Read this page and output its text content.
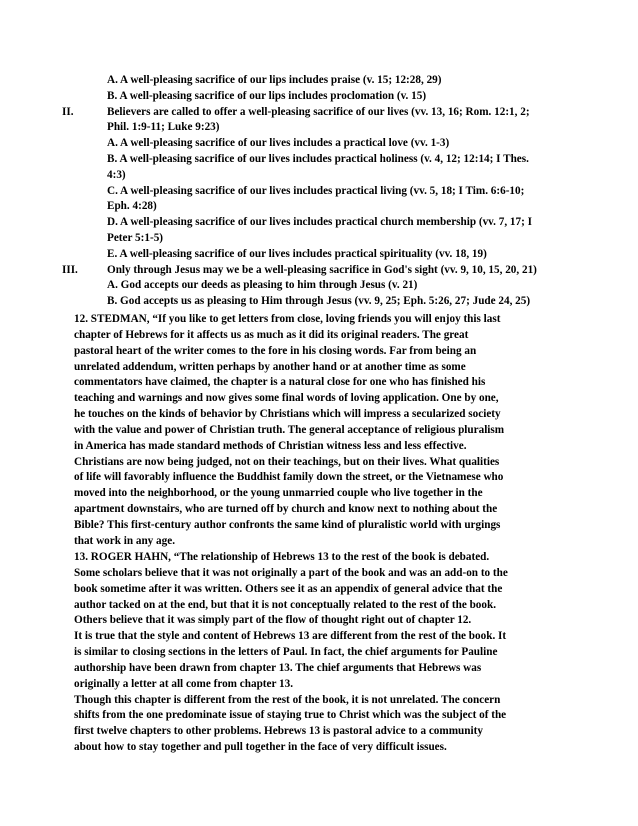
A. A well-pleasing sacrifice of our lips includes praise (v. 15; 12:28, 29)
B. A well-pleasing sacrifice of our lips includes proclomation (v. 15)
II.	Believers are called to offer a well-pleasing sacrifice of our lives (vv. 13, 16; Rom. 12:1, 2;
Phil. 1:9-11; Luke 9:23)
A. A well-pleasing sacrifice of our lives includes a practical love (vv. 1-3)
B. A well-pleasing sacrifice of our lives includes practical holiness (v. 4, 12; 12:14; I Thes.
4:3)
C. A well-pleasing sacrifice of our lives includes practical living (vv. 5, 18; I Tim. 6:6-10;
Eph. 4:28)
D. A well-pleasing sacrifice of our lives includes practical church membership (vv. 7, 17; I
Peter 5:1-5)
E. A well-pleasing sacrifice of our lives includes practical spirituality (vv. 18, 19)
III.	Only through Jesus may we be a well-pleasing sacrifice in God's sight (vv. 9, 10, 15, 20, 21)
A. God accepts our deeds as pleasing to him through Jesus (v. 21)
B. God accepts us as pleasing to Him through Jesus (vv. 9, 25; Eph. 5:26, 27; Jude 24, 25)
12. STEDMAN, “If you like to get letters from close, loving friends you will enjoy this last
chapter of Hebrews for it affects us as much as it did its original readers. The great
pastoral heart of the writer comes to the fore in his closing words. Far from being an
unrelated addendum, written perhaps by another hand or at another time as some
commentators have claimed, the chapter is a natural close for one who has finished his
teaching and warnings and now gives some final words of loving application. One by one,
he touches on the kinds of behavior by Christians which will impress a secularized society
with the value and power of Christian truth. The general acceptance of religious pluralism
in America has made standard methods of Christian witness less and less effective.
Christians are now being judged, not on their teachings, but on their lives. What qualities
of life will favorably influence the Buddhist family down the street, or the Vietnamese who
moved into the neighborhood, or the young unmarried couple who live together in the
apartment downstairs, who are turned off by church and know next to nothing about the
Bible? This first-century author confronts the same kind of pluralistic world with urgings
that work in any age.
13. ROGER HAHN, “The relationship of Hebrews 13 to the rest of the book is debated.
Some scholars believe that it was not originally a part of the book and was an add-on to the
book sometime after it was written. Others see it as an appendix of general advice that the
author tacked on at the end, but that it is not conceptually related to the rest of the book.
Others believe that it was simply part of the flow of thought right out of chapter 12.
It is true that the style and content of Hebrews 13 are different from the rest of the book. It
is similar to closing sections in the letters of Paul. In fact, the chief arguments for Pauline
authorship have been drawn from chapter 13. The chief arguments that Hebrews was
originally a letter at all come from chapter 13.
Though this chapter is different from the rest of the book, it is not unrelated. The concern
shifts from the one predominate issue of staying true to Christ which was the subject of the
first twelve chapters to other problems. Hebrews 13 is pastoral advice to a community
about how to stay together and pull together in the face of very difficult issues.
